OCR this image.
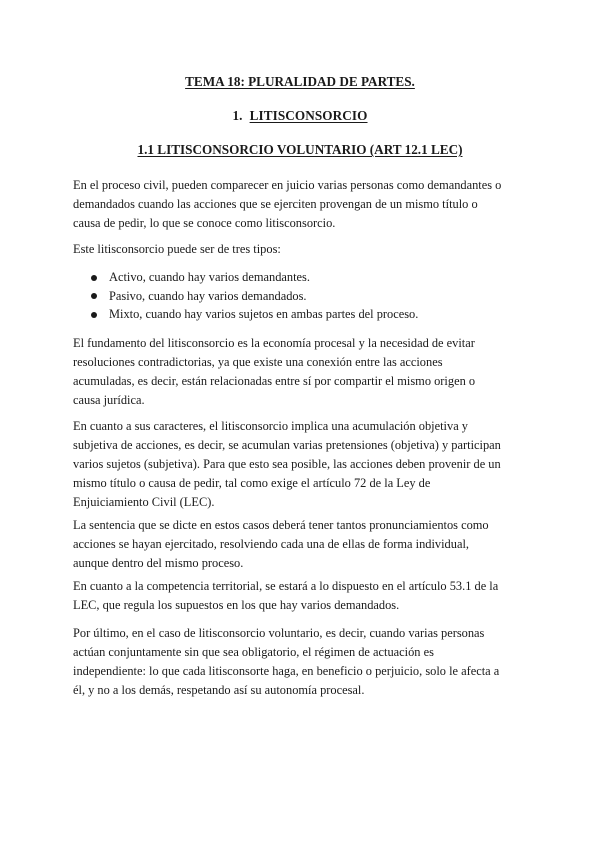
TEMA 18: PLURALIDAD DE PARTES.
1. LITISCONSORCIO
1.1 LITISCONSORCIO VOLUNTARIO (ART 12.1 LEC)

En el proceso civil, pueden comparecer en juicio varias personas como demandantes o
demandados cuando las acciones que se ejerciten provengan de un mismo título o
causa de pedir, lo que se conoce como litisconsorcio.

Este litisconsorcio puede ser de tres tipos:

Activo, cuando hay varios demandantes.
Pasivo, cuando hay varios demandados.
Mixto, cuando hay varios sujetos en ambas partes del proceso.

El fundamento del litisconsorcio es la economía procesal y la necesidad de evitar
resoluciones contradictorias, ya que existe una conexión entre las acciones
acumuladas, es decir, están relacionadas entre sí por compartir el mismo origen o
causa jurídica.

En cuanto a sus caracteres, el litisconsorcio implica una acumulación objetiva y
subjetiva de acciones, es decir, se acumulan varias pretensiones (objetiva) y participan
varios sujetos (subjetiva). Para que esto sea posible, las acciones deben provenir de un
mismo título o causa de pedir, tal como exige el artículo 72 de la Ley de
Enjuiciamiento Civil (LEC).

La sentencia que se dicte en estos casos deberá tener tantos pronunciamientos como
acciones se hayan ejercitado, resolviendo cada una de ellas de forma individual,
aunque dentro del mismo proceso.

En cuanto a la competencia territorial, se estará a lo dispuesto en el artículo 53.1 de la
LEC, que regula los supuestos en los que hay varios demandados.

Por último, en el caso de litisconsorcio voluntario, es decir, cuando varias personas
actúan conjuntamente sin que sea obligatorio, el régimen de actuación es
independiente: lo que cada litisconsorte haga, en beneficio o perjuicio, solo le afecta a
él, y no a los demás, respetando así su autonomía procesal.
